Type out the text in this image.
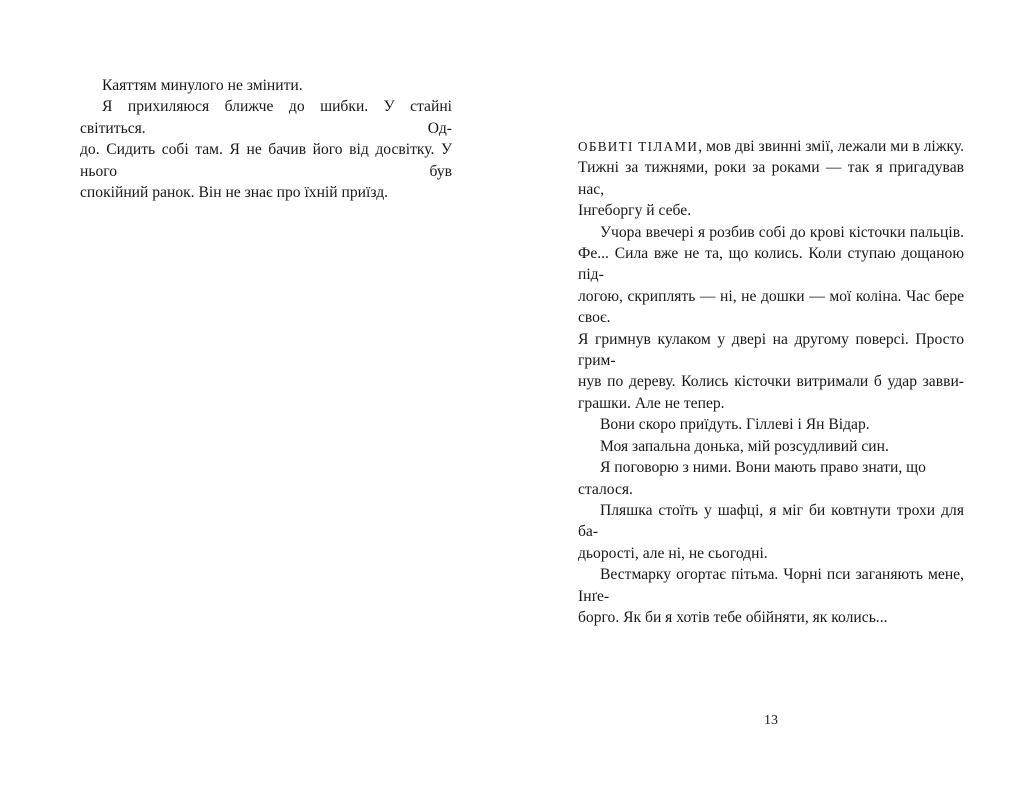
Каяттям минулого не змінити.
Я прихиляюся ближче до шибки. У стайні світиться. Од-
до. Сидить собі там. Я не бачив його від досвітку. У нього був
спокійний ранок. Він не знає про їхній приїзд.
ОБВИТІ ТІЛАМИ, мов дві звинні змії, лежали ми в ліжку.
Тижні за тижнями, роки за роками — так я пригадував нас,
Інгеборгу й себе.
Учора ввечері я розбив собі до крові кісточки пальців.
Фе... Сила вже не та, що колись. Коли ступаю дощаною під-
логою, скриплять — ні, не дошки — мої коліна. Час бере своє.
Я гримнув кулаком у двері на другому поверсі. Просто грим-
нув по дереву. Колись кісточки витримали б удар завви-
грашки. Але не тепер.
Вони скоро приїдуть. Гіллеві і Ян Відар.
Моя запальна донька, мій розсудливий син.
Я поговорю з ними. Вони мають право знати, що сталося.
Пляшка стоїть у шафці, я міг би ковтнути трохи для ба-
дьорості, але ні, не сьогодні.
Вестмарку огортає пітьма. Чорні пси заганяють мене, Інґе-
борго. Як би я хотів тебе обійняти, як колись...
13
